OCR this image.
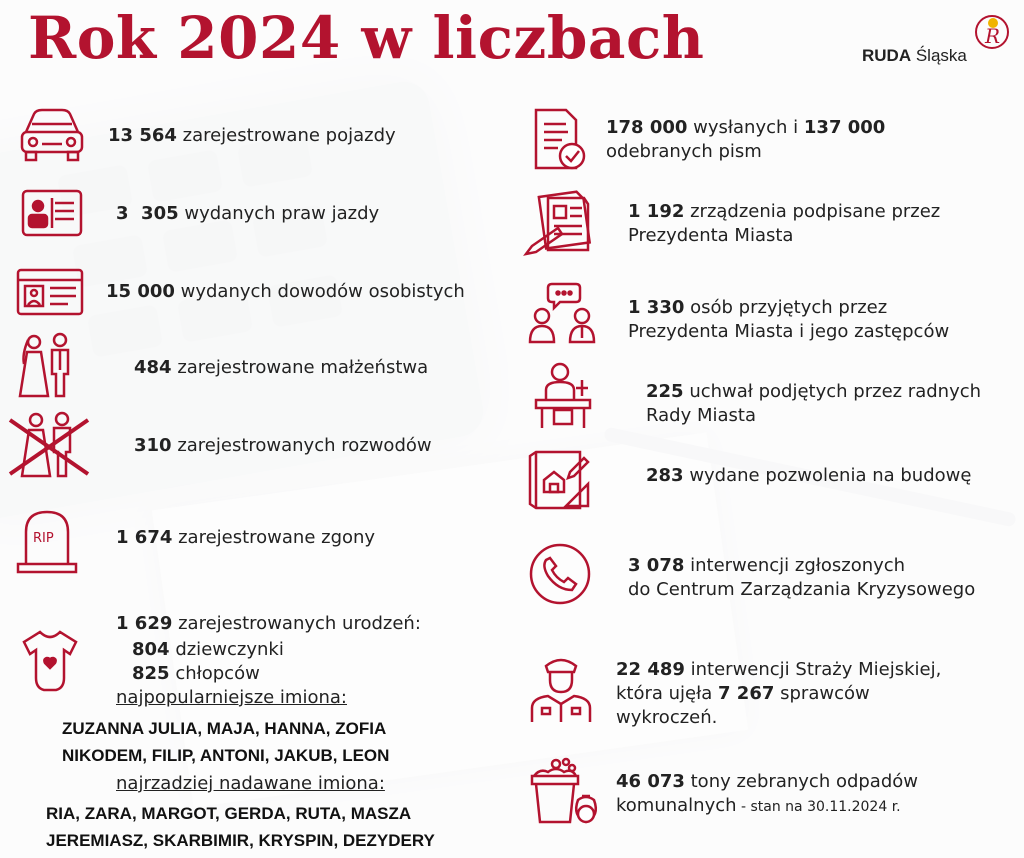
Rok 2024 w liczbach	RUDA Śląska
R
13 564 zarejestrowane pojazdy
3  305 wydanych praw jazdy
15 000 wydanych dowodów osobistych
484 zarejestrowane małżeństwa
310 zarejestrowanych rozwodów
RIP	1 674 zarejestrowane zgony
1 629 zarejestrowanych urodzeń:
804 dziewczynki
825 chłopców
najpopularniejsze imiona:
ZUZANNA JULIA, MAJA, HANNA, ZOFIA
NIKODEM, FILIP, ANTONI, JAKUB, LEON
najrzadziej nadawane imiona:
RIA, ZARA, MARGOT, GERDA, RUTA, MASZA
JEREMIASZ, SKARBIMIR, KRYSPIN, DEZYDERY
178 000 wysłanych i 137 000
odebranych pism
1 192 zrządzenia podpisane przez
Prezydenta Miasta
1 330 osób przyjętych przez
Prezydenta Miasta i jego zastępców
225 uchwał podjętych przez radnych
Rady Miasta
283 wydane pozwolenia na budowę
3 078 interwencji zgłoszonych
do Centrum Zarządzania Kryzysowego
22 489 interwencji Straży Miejskiej,
która ujęła 7 267 sprawców
wykroczeń.
46 073 tony zebranych odpadów
komunalnych - stan na 30.11.2024 r.
